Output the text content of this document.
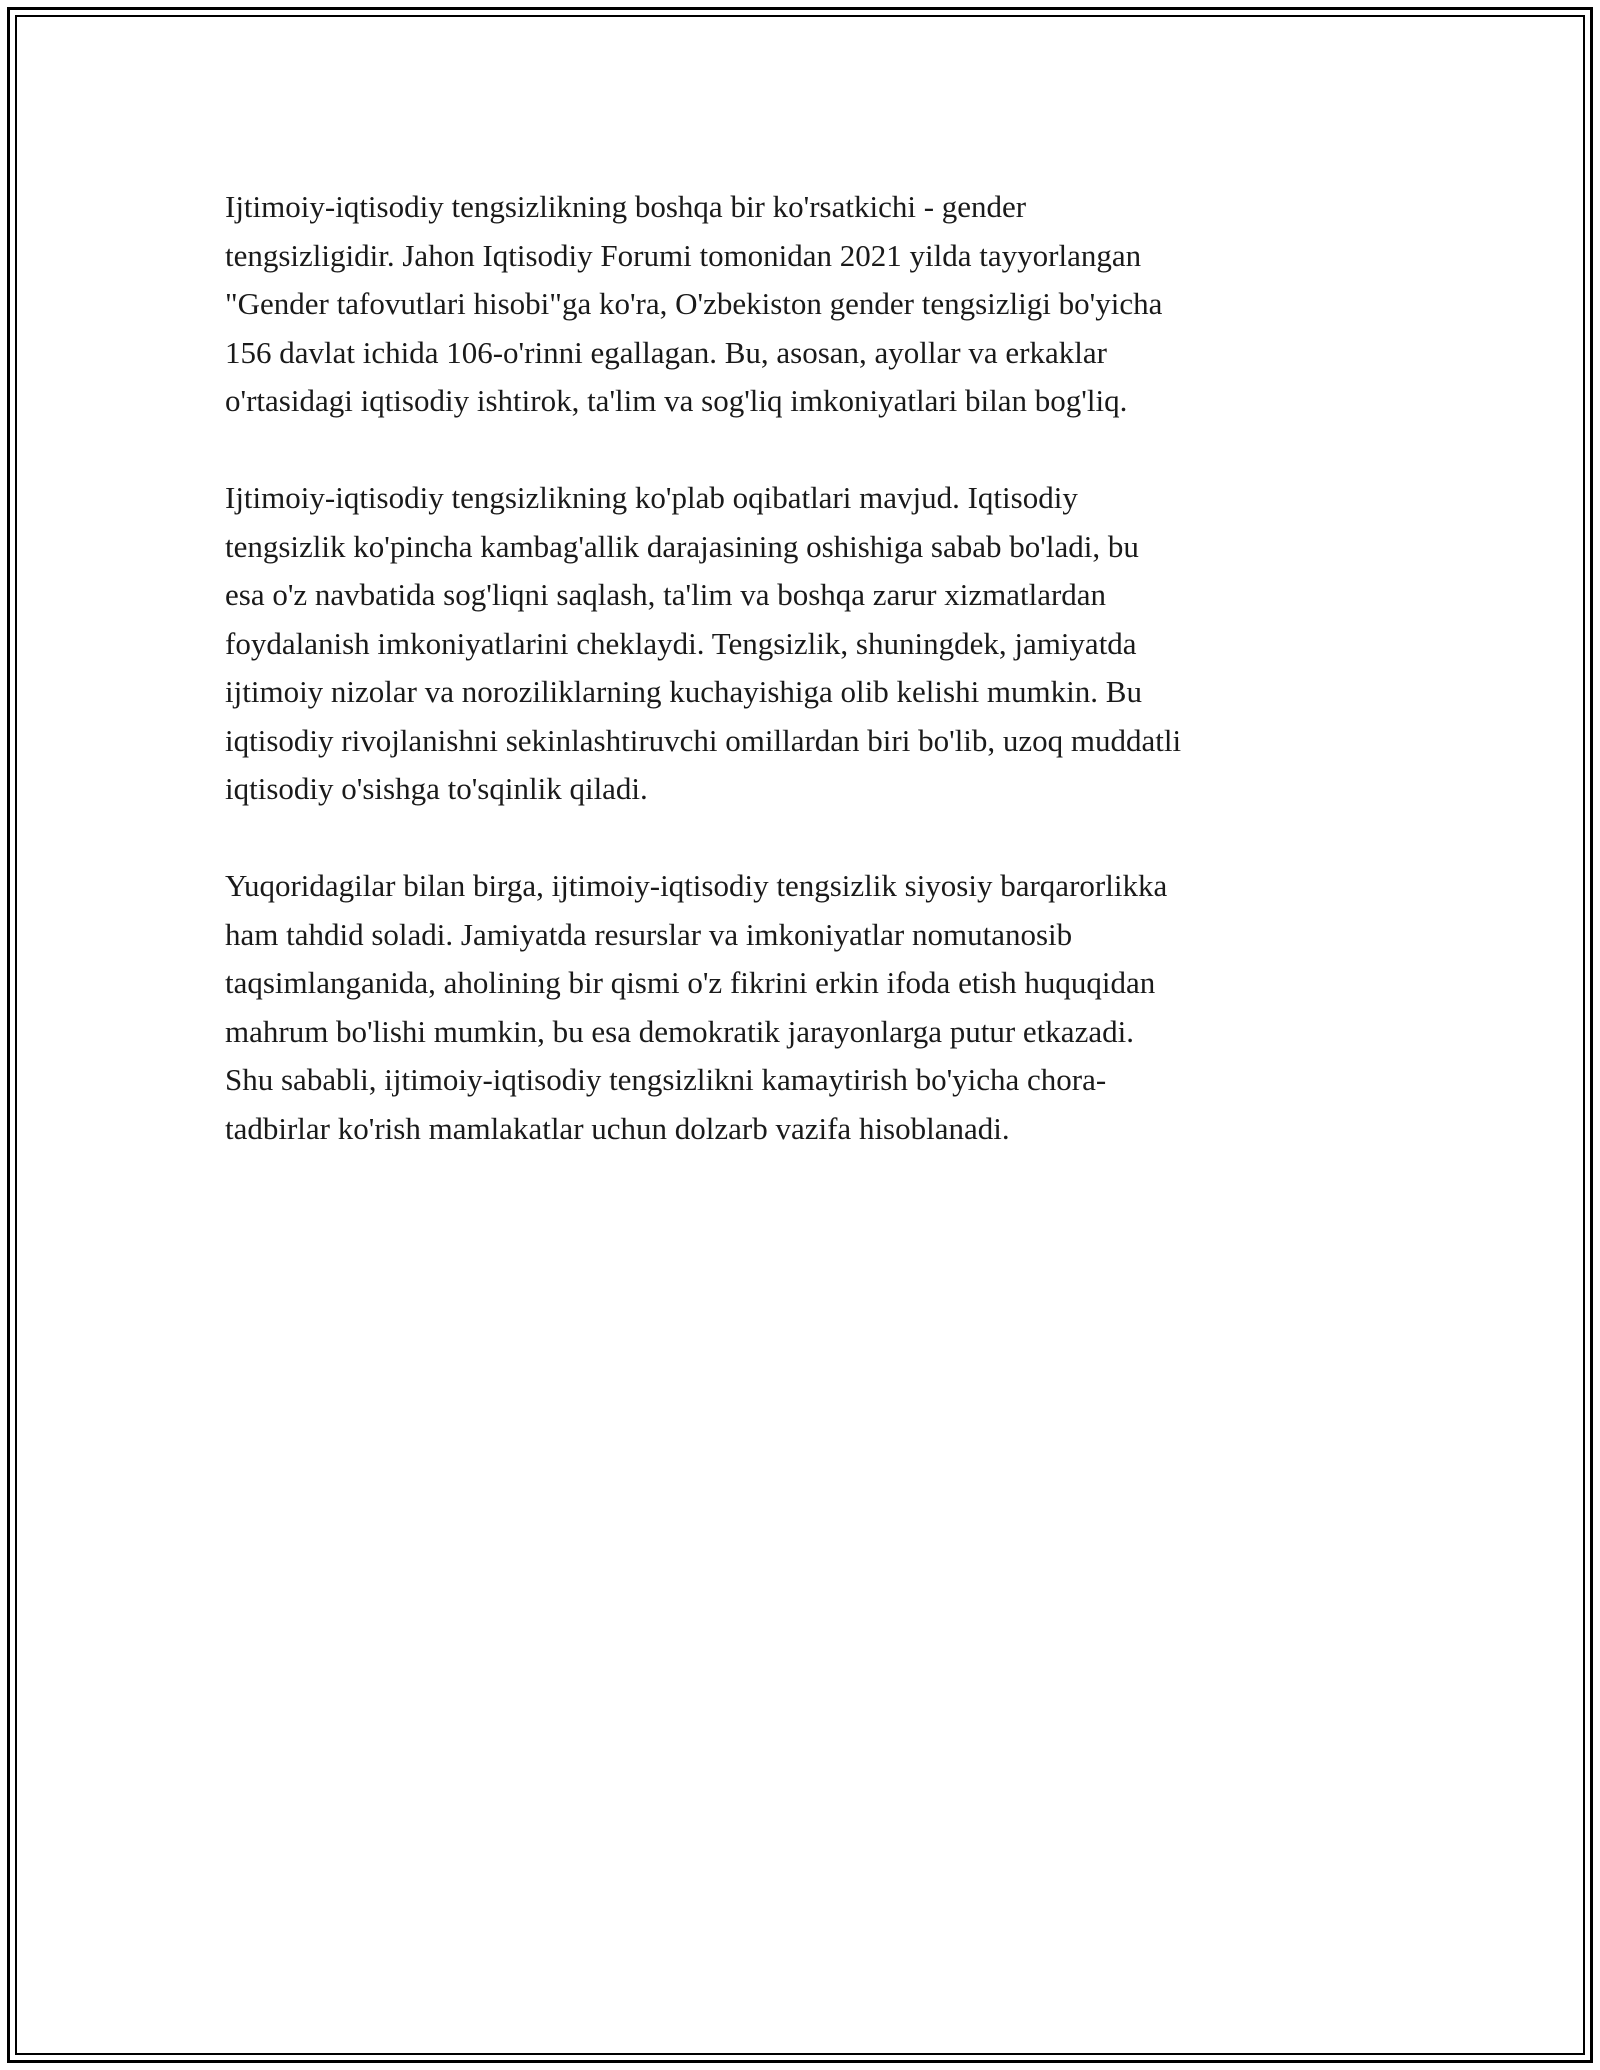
Ijtimoiy-iqtisodiy tengsizlikning boshqa bir ko'rsatkichi - gender
tengsizligidir. Jahon Iqtisodiy Forumi tomonidan 2021 yilda tayyorlangan
"Gender tafovutlari hisobi"ga ko'ra, O'zbekiston gender tengsizligi bo'yicha
156 davlat ichida 106-o'rinni egallagan. Bu, asosan, ayollar va erkaklar
o'rtasidagi iqtisodiy ishtirok, ta'lim va sog'liq imkoniyatlari bilan bog'liq.

Ijtimoiy-iqtisodiy tengsizlikning ko'plab oqibatlari mavjud. Iqtisodiy
tengsizlik ko'pincha kambag'allik darajasining oshishiga sabab bo'ladi, bu
esa o'z navbatida sog'liqni saqlash, ta'lim va boshqa zarur xizmatlardan
foydalanish imkoniyatlarini cheklaydi. Tengsizlik, shuningdek, jamiyatda
ijtimoiy nizolar va noroziliklarning kuchayishiga olib kelishi mumkin. Bu
iqtisodiy rivojlanishni sekinlashtiruvchi omillardan biri bo'lib, uzoq muddatli
iqtisodiy o'sishga to'sqinlik qiladi.

Yuqoridagilar bilan birga, ijtimoiy-iqtisodiy tengsizlik siyosiy barqarorlikka
ham tahdid soladi. Jamiyatda resurslar va imkoniyatlar nomutanosib
taqsimlanganida, aholining bir qismi o'z fikrini erkin ifoda etish huquqidan
mahrum bo'lishi mumkin, bu esa demokratik jarayonlarga putur etkazadi.
Shu sababli, ijtimoiy-iqtisodiy tengsizlikni kamaytirish bo'yicha chora-
tadbirlar ko'rish mamlakatlar uchun dolzarb vazifa hisoblanadi.
